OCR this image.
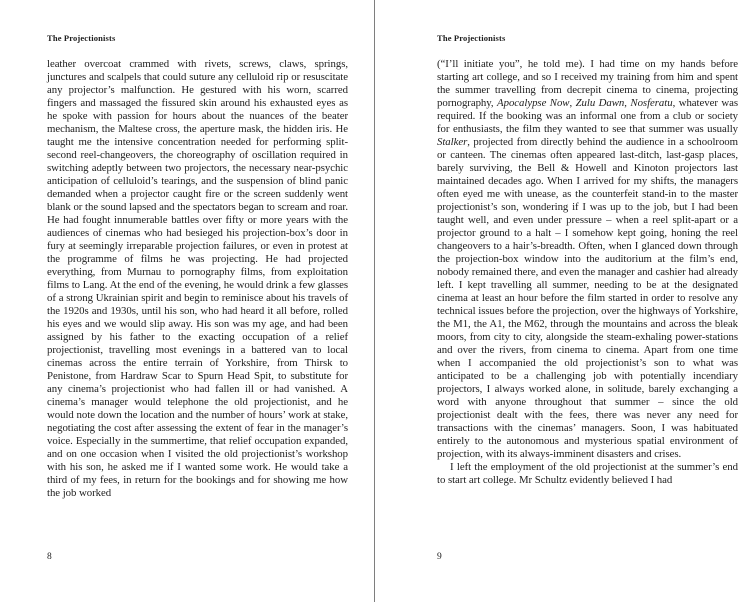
The Projectionists

leather overcoat crammed with rivets, screws, claws, springs, junctures and scalpels that could suture any celluloid rip or resuscitate any projector’s malfunction. He gestured with his worn, scarred fingers and massaged the fissured skin around his exhausted eyes as he spoke with passion for hours about the nuances of the beater mechanism, the Maltese cross, the aperture mask, the hidden iris. He taught me the intensive concentration needed for performing split-second reel-changeovers, the choreography of oscillation required in switching adeptly between two projectors, the necessary near-psychic anticipation of celluloid’s tearings, and the suspension of blind panic demanded when a projector caught fire or the screen suddenly went blank or the sound lapsed and the spectators began to scream and roar. He had fought innumerable battles over fifty or more years with the audiences of cinemas who had besieged his projection-box’s door in fury at seemingly irreparable projection failures, or even in protest at the programme of films he was projecting. He had projected everything, from Murnau to pornography films, from exploitation films to Lang. At the end of the evening, he would drink a few glasses of a strong Ukrainian spirit and begin to reminisce about his travels of the 1920s and 1930s, until his son, who had heard it all before, rolled his eyes and we would slip away. His son was my age, and had been assigned by his father to the exacting occupation of a relief projectionist, travelling most evenings in a battered van to local cinemas across the entire terrain of Yorkshire, from Thirsk to Penistone, from Hardraw Scar to Spurn Head Spit, to substitute for any cinema’s projectionist who had fallen ill or had vanished. A cinema’s manager would telephone the old projectionist, and he would note down the location and the number of hours’ work at stake, negotiating the cost after assessing the extent of fear in the manager’s voice. Especially in the summertime, that relief occupation expanded, and on one occasion when I visited the old projectionist’s workshop with his son, he asked me if I wanted some work. He would take a third of my fees, in return for the bookings and for showing me how the job worked

8
The Projectionists

(“I’ll initiate you”, he told me). I had time on my hands before starting art college, and so I received my training from him and spent the summer travelling from decrepit cinema to cinema, projecting pornography, Apocalypse Now, Zulu Dawn, Nosferatu, whatever was required. If the booking was an informal one from a club or society for enthusiasts, the film they wanted to see that summer was usually Stalker, projected from directly behind the audience in a schoolroom or canteen. The cinemas often appeared last-ditch, last-gasp places, barely surviving, the Bell & Howell and Kinoton projectors last maintained decades ago. When I arrived for my shifts, the managers often eyed me with unease, as the counterfeit stand-in to the master projectionist’s son, wondering if I was up to the job, but I had been taught well, and even under pressure – when a reel split-apart or a projector ground to a halt – I somehow kept going, honing the reel changeovers to a hair’s-breadth. Often, when I glanced down through the projection-box window into the auditorium at the film’s end, nobody remained there, and even the manager and cashier had already left. I kept travelling all summer, needing to be at the designated cinema at least an hour before the film started in order to resolve any technical issues before the projection, over the highways of Yorkshire, the M1, the A1, the M62, through the mountains and across the bleak moors, from city to city, alongside the steam-exhaling power-stations and over the rivers, from cinema to cinema. Apart from one time when I accompanied the old projectionist’s son to what was anticipated to be a challenging job with potentially incendiary projectors, I always worked alone, in solitude, barely exchanging a word with anyone throughout that summer – since the old projectionist dealt with the fees, there was never any need for transactions with the cinemas’ managers. Soon, I was habituated entirely to the autonomous and mysterious spatial environment of projection, with its always-imminent disasters and crises.

I left the employment of the old projectionist at the summer’s end to start art college. Mr Schultz evidently believed I had

9
